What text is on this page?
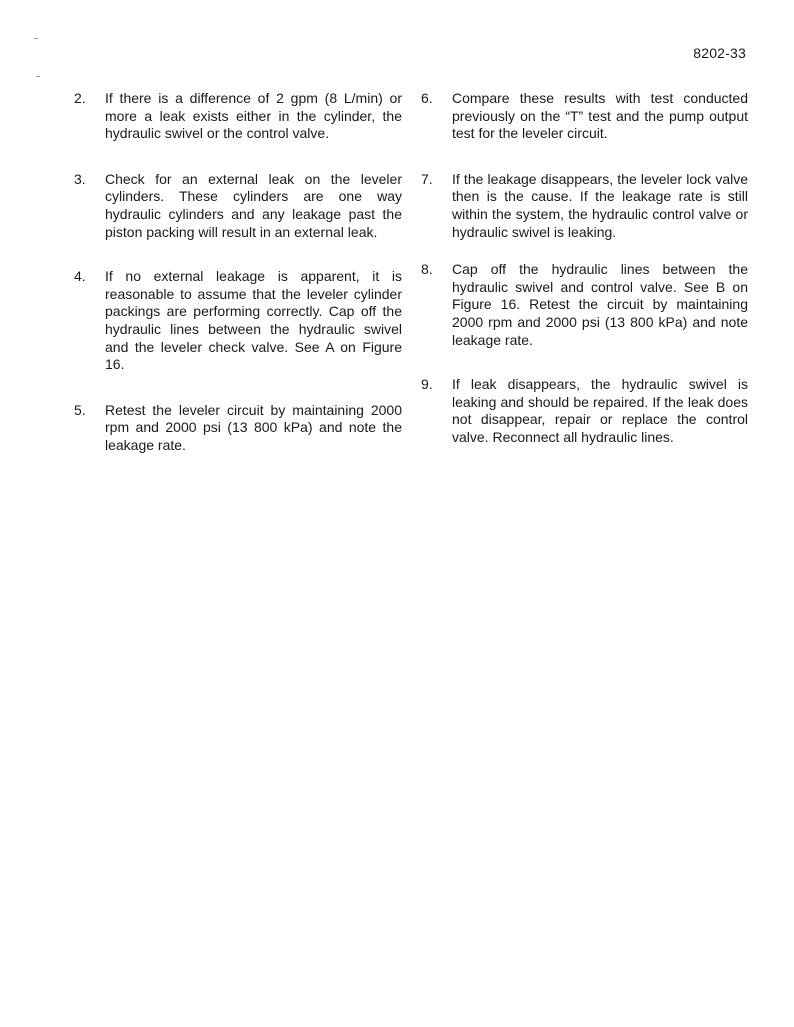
8202-33
2.	If there is a difference of 2 gpm (8 L/min) or more a leak exists either in the cylinder, the hydraulic swivel or the control valve.
3.	Check for an external leak on the leveler cylinders. These cylinders are one way hydraulic cylinders and any leakage past the piston packing will result in an external leak.
4.	If no external leakage is apparent, it is reasonable to assume that the leveler cylinder packings are performing correctly. Cap off the hydraulic lines between the hydraulic swivel and the leveler check valve. See A on Figure 16.
5.	Retest the leveler circuit by maintaining 2000 rpm and 2000 psi (13 800 kPa) and note the leakage rate.
6.	Compare these results with test conducted previously on the “T” test and the pump output test for the leveler circuit.
7.	If the leakage disappears, the leveler lock valve then is the cause. If the leakage rate is still within the system, the hydraulic control valve or hydraulic swivel is leaking.
8.	Cap off the hydraulic lines between the hydraulic swivel and control valve. See B on Figure 16. Retest the circuit by maintaining 2000 rpm and 2000 psi (13 800 kPa) and note leakage rate.
9.	If leak disappears, the hydraulic swivel is leaking and should be repaired. If the leak does not disappear, repair or replace the control valve. Reconnect all hydraulic lines.
